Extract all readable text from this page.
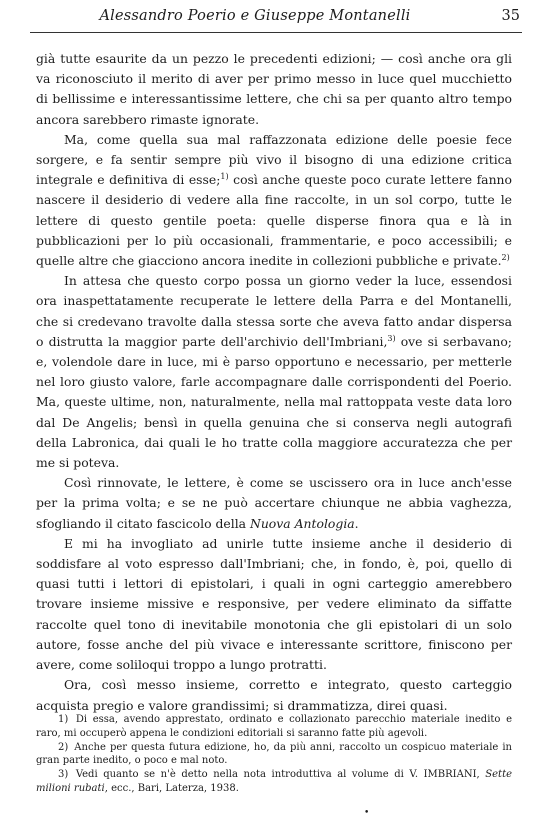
Alessandro Poerio e Giuseppe Montanelli	35

già tutte esaurite da un pezzo le precedenti edizioni; — così anche ora gli va riconosciuto il merito di aver per primo messo in luce quel mucchietto di bellissime e interessantissime lettere, che chi sa per quanto altro tempo ancora sarebbero rimaste ignorate.

Ma, come quella sua mal raffazzonata edizione delle poesie fece sorgere, e fa sentir sempre più vivo il bisogno di una edizione critica integrale e definitiva di esse;$^{1)}$ così anche queste poco curate lettere fanno nascere il desiderio di vedere alla fine raccolte, in un sol corpo, tutte le lettere di questo gentile poeta: quelle disperse finora qua e là in pubblicazioni per lo più occasionali, frammentarie, e poco accessibili; e quelle altre che giacciono ancora inedite in collezioni pubbliche e private.$^{2)}$

In attesa che questo corpo possa un giorno veder la luce, essendosi ora inaspettatamente recuperate le lettere della Parra e del Montanelli, che si credevano travolte dalla stessa sorte che aveva fatto andar dispersa o distrutta la maggior parte dell'archivio dell'Imbriani,$^{3)}$ ove si serbavano; e, volendole dare in luce, mi è parso opportuno e necessario, per metterle nel loro giusto valore, farle accompagnare dalle corrispondenti del Poerio. Ma, queste ultime, non, naturalmente, nella mal rattoppata veste data loro dal De Angelis; bensì in quella genuina che si conserva negli autografi della Labronica, dai quali le ho tratte colla maggiore accuratezza che per me si poteva.

Così rinnovate, le lettere, è come se uscissero ora in luce anch'esse per la prima volta; e se ne può accertare chiunque ne abbia vaghezza, sfogliando il citato fascicolo della Nuova Antologia.

E mi ha invogliato ad unirle tutte insieme anche il desiderio di soddisfare al voto espresso dall'Imbriani; che, in fondo, è, poi, quello di quasi tutti i lettori di epistolari, i quali in ogni carteggio amerebbero trovare insieme missive e responsive, per vedere eliminato da siffatte raccolte quel tono di inevitabile monotonia che gli epistolari di un solo autore, fosse anche del più vivace e interessante scrittore, finiscono per avere, come soliloqui troppo a lungo protratti.

Ora, così messo insieme, corretto e integrato, questo carteggio acquista pregio e valore grandissimi; si drammatizza, direi quasi.

1) Di essa, avendo apprestato, ordinato e collazionato parecchio materiale inedito e raro, mi occuperò appena le condizioni editoriali si saranno fatte più agevoli.

2) Anche per questa futura edizione, ho, da più anni, raccolto un cospicuo materiale in gran parte inedito, o poco e mal noto.

3) Vedi quanto se n'è detto nella nota introduttiva al volume di V. IMBRIANI, Sette milioni rubati, ecc., Bari, Laterza, 1938.

•
